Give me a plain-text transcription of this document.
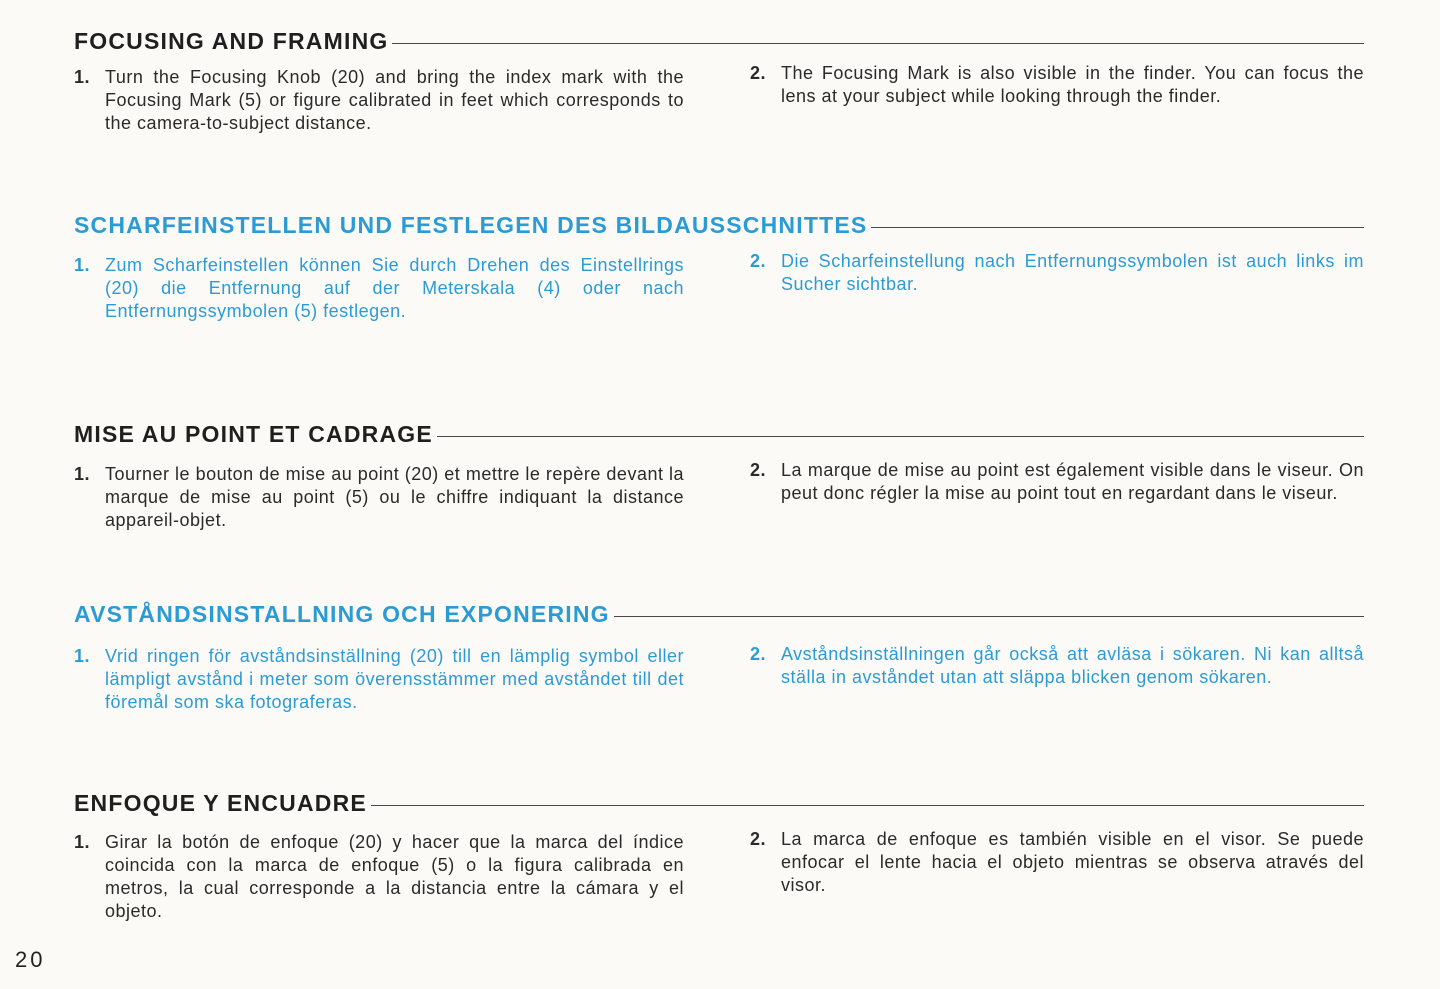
FOCUSING AND FRAMING
1. Turn the Focusing Knob (20) and bring the index mark with the Focusing Mark (5) or figure calibrated in feet which corresponds to the camera-to-subject distance.
2. The Focusing Mark is also visible in the finder. You can focus the lens at your subject while looking through the finder.
SCHARFEINSTELLEN UND FESTLEGEN DES BILDAUSSCHNITTES
1. Zum Scharfeinstellen können Sie durch Drehen des Einstellrings (20) die Entfernung auf der Meterskala (4) oder nach Entfernungssymbolen (5) festlegen.
2. Die Scharfeinstellung nach Entfernungssymbolen ist auch links im Sucher sichtbar.
MISE AU POINT ET CADRAGE
1. Tourner le bouton de mise au point (20) et mettre le repère devant la marque de mise au point (5) ou le chiffre indiquant la distance appareil-objet.
2. La marque de mise au point est également visible dans le viseur. On peut donc régler la mise au point tout en regardant dans le viseur.
AVSTÅNDSINSTALLNING OCH EXPONERING
1. Vrid ringen för avståndsinställning (20) till en lämplig symbol eller lämpligt avstånd i meter som överensstämmer med avståndet till det föremål som ska fotograferas.
2. Avståndsinställningen går också att avläsa i sökaren. Ni kan alltså ställa in avståndet utan att släppa blicken genom sökaren.
ENFOQUE Y ENCUADRE
1. Girar la botón de enfoque (20) y hacer que la marca del índice coincida con la marca de enfoque (5) o la figura calibrada en metros, la cual corresponde a la distancia entre la cámara y el objeto.
2. La marca de enfoque es también visible en el visor. Se puede enfocar el lente hacia el objeto mientras se observa através del visor.
20
